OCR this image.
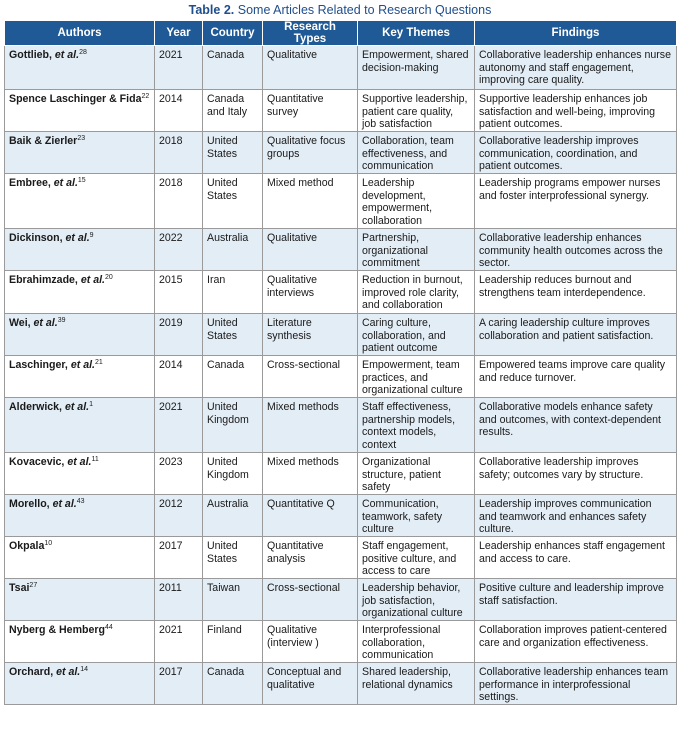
Table 2. Some Articles Related to Research Questions
Authors	Year	Country	Research Types	Key Themes	Findings
Gottlieb, et al.$^{28}$	2021	Canada	Qualitative	Empowerment, shared decision-making	Collaborative leadership enhances nurse autonomy and staff engagement, improving care quality.
Spence Laschinger & Fida$^{22}$	2014	Canada and Italy	Quantitative survey	Supportive leadership, patient care quality, job satisfaction	Supportive leadership enhances job satisfaction and well-being, improving patient outcomes.
Baik & Zierler$^{23}$	2018	United States	Qualitative focus groups	Collaboration, team effectiveness, and communication	Collaborative leadership improves communication, coordination, and patient outcomes.
Embree, et al.$^{15}$	2018	United States	Mixed method	Leadership development, empowerment, collaboration	Leadership programs empower nurses and foster interprofessional synergy.
Dickinson, et al.$^9$	2022	Australia	Qualitative	Partnership, organizational commitment	Collaborative leadership enhances community health outcomes across the sector.
Ebrahimzade, et al.$^{20}$	2015	Iran	Qualitative interviews	Reduction in burnout, improved role clarity, and collaboration	Leadership reduces burnout and strengthens team interdependence.
Wei, et al.$^{39}$	2019	United States	Literature synthesis	Caring culture, collaboration, and patient outcome	A caring leadership culture improves collaboration and patient satisfaction.
Laschinger, et al.$^{21}$	2014	Canada	Cross-sectional	Empowerment, team practices, and organizational culture	Empowered teams improve care quality and reduce turnover.
Alderwick, et al.$^1$	2021	United Kingdom	Mixed methods	Staff effectiveness, partnership models, context models, context	Collaborative models enhance safety and outcomes, with context-dependent results.
Kovacevic, et al.$^{11}$	2023	United Kingdom	Mixed methods	Organizational structure, patient safety	Collaborative leadership improves safety; outcomes vary by structure.
Morello, et al.$^{43}$	2012	Australia	Quantitative Q	Communication, teamwork, safety culture	Leadership improves communication and teamwork and enhances safety culture.
Okpala$^{10}$	2017	United States	Quantitative analysis	Staff engagement, positive culture, and access to care	Leadership enhances staff engagement and access to care.
Tsai$^{27}$	2011	Taiwan	Cross-sectional	Leadership behavior, job satisfaction, organizational culture	Positive culture and leadership improve staff satisfaction.
Nyberg & Hemberg$^{44}$	2021	Finland	Qualitative (interview )	Interprofessional collaboration, communication	Collaboration improves patient-centered care and organization effectiveness.
Orchard, et al.$^{14}$	2017	Canada	Conceptual and qualitative	Shared leadership, relational dynamics	Collaborative leadership enhances team performance in interprofessional settings.
